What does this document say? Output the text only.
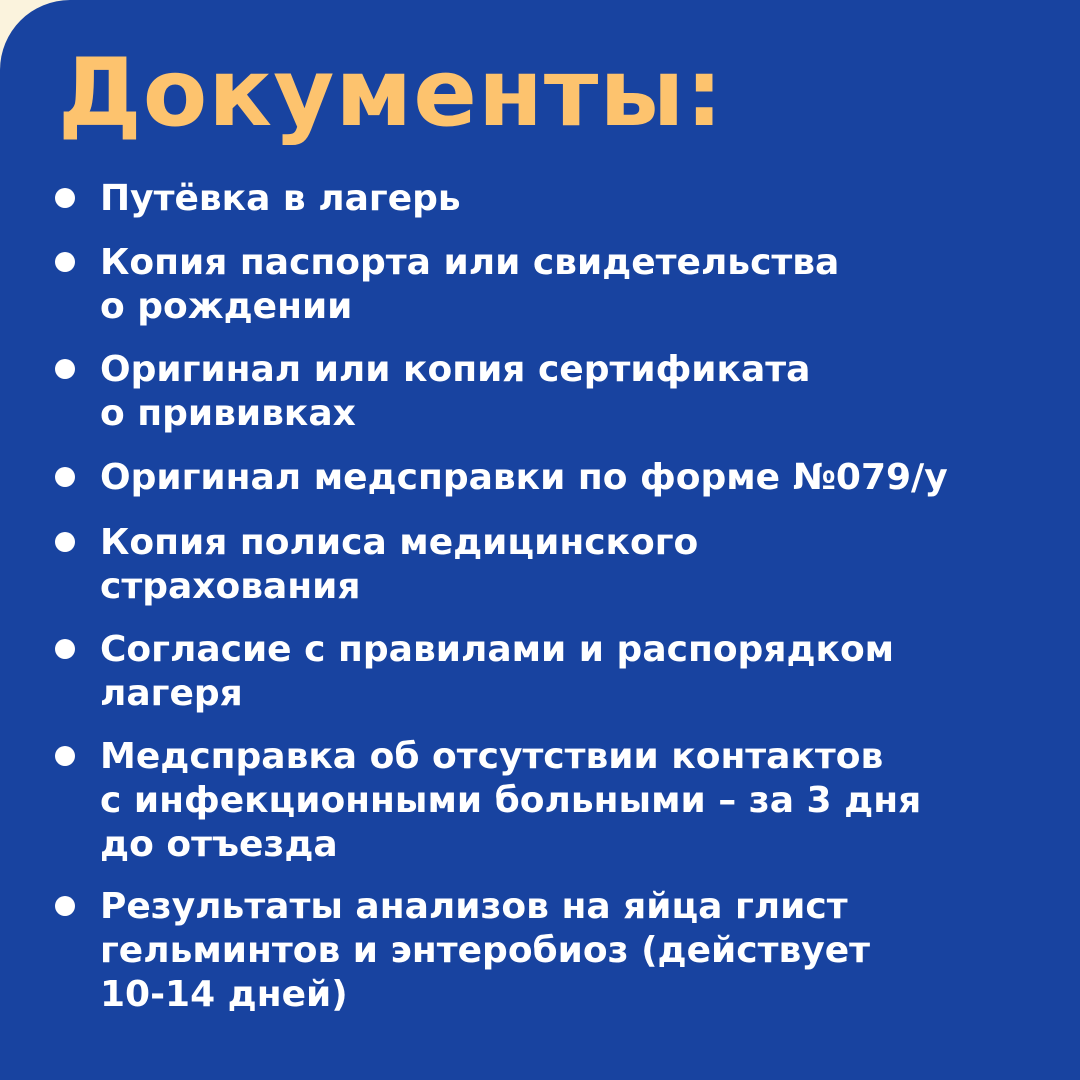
Документы:
Путёвка в лагерь
Копия паспорта или свидетельства
о рождении
Оригинал или копия сертификата
о прививках
Оригинал медсправки по форме №079/у
Копия полиса медицинского
страхования
Согласие с правилами и распорядком
лагеря
Медсправка об отсутствии контактов
с инфекционными больными – за 3 дня
до отъезда
Результаты анализов на яйца глист
гельминтов и энтеробиоз (действует
10-14 дней)
